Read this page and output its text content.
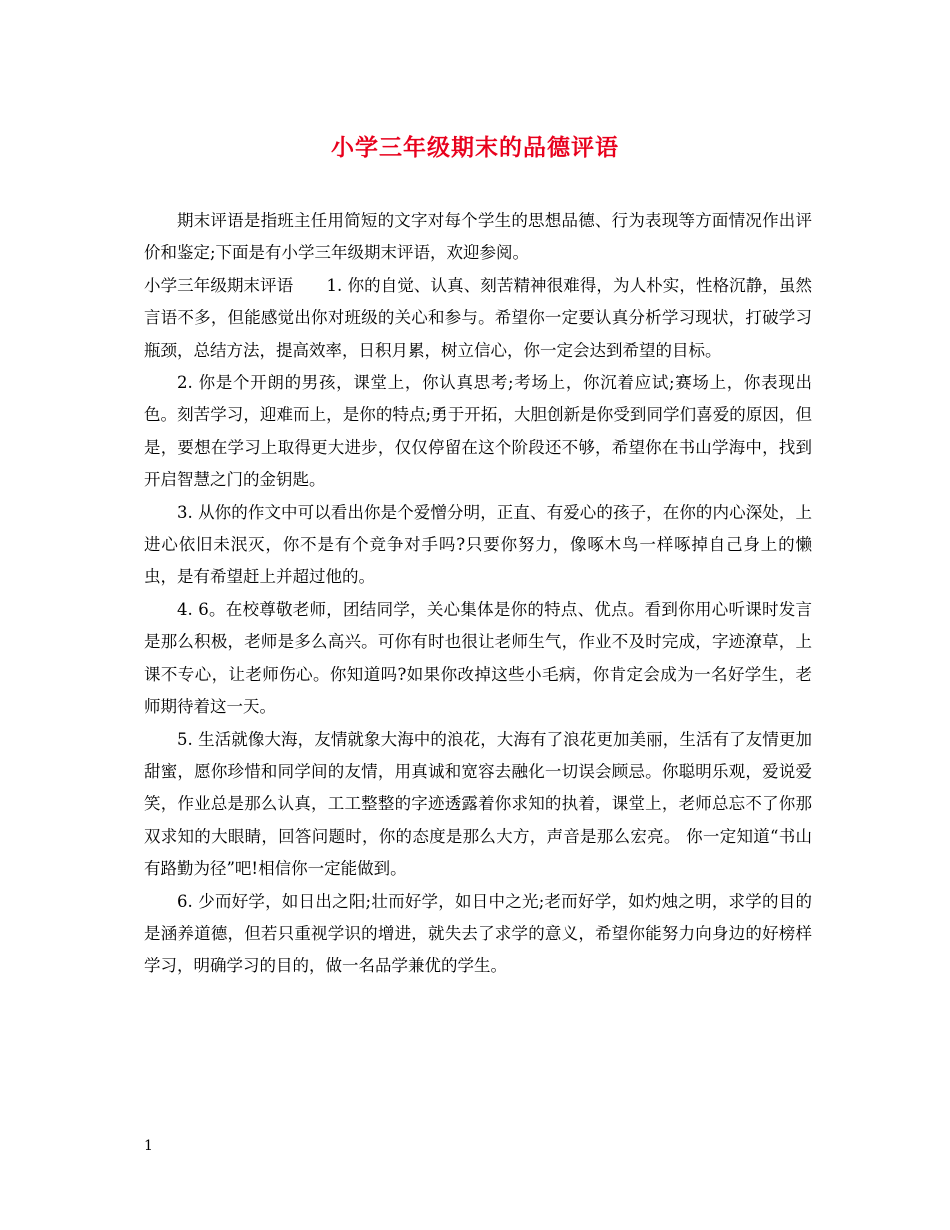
小学三年级期末的品德评语

期末评语是指班主任用简短的文字对每个学生的思想品德、行为表现等方面情况作出评价和鉴定;下面是有小学三年级期末评语，欢迎参阅。

小学三年级期末评语　　1. 你的自觉、认真、刻苦精神很难得，为人朴实，性格沉静，虽然言语不多，但能感觉出你对班级的关心和参与。希望你一定要认真分析学习现状，打破学习瓶颈，总结方法，提高效率，日积月累，树立信心，你一定会达到希望的目标。

2. 你是个开朗的男孩，课堂上，你认真思考;考场上，你沉着应试;赛场上，你表现出色。刻苦学习，迎难而上，是你的特点;勇于开拓，大胆创新是你受到同学们喜爱的原因，但是，要想在学习上取得更大进步，仅仅停留在这个阶段还不够，希望你在书山学海中，找到开启智慧之门的金钥匙。

3. 从你的作文中可以看出你是个爱憎分明，正直、有爱心的孩子，在你的内心深处，上进心依旧未泯灭，你不是有个竞争对手吗?只要你努力，像啄木鸟一样啄掉自己身上的懒虫，是有希望赶上并超过他的。

4. 6。在校尊敬老师，团结同学，关心集体是你的特点、优点。看到你用心听课时发言是那么积极，老师是多么高兴。可你有时也很让老师生气，作业不及时完成，字迹潦草，上课不专心，让老师伤心。你知道吗?如果你改掉这些小毛病，你肯定会成为一名好学生，老师期待着这一天。

5. 生活就像大海，友情就象大海中的浪花，大海有了浪花更加美丽，生活有了友情更加甜蜜，愿你珍惜和同学间的友情，用真诚和宽容去融化一切误会顾忌。你聪明乐观，爱说爱笑，作业总是那么认真，工工整整的字迹透露着你求知的执着，课堂上，老师总忘不了你那双求知的大眼睛，回答问题时，你的态度是那么大方，声音是那么宏亮。 你一定知道“书山有路勤为径”吧!相信你一定能做到。

6. 少而好学，如日出之阳;壮而好学，如日中之光;老而好学，如灼烛之明，求学的目的是涵养道德，但若只重视学识的增进，就失去了求学的意义，希望你能努力向身边的好榜样学习，明确学习的目的，做一名品学兼优的学生。

1
